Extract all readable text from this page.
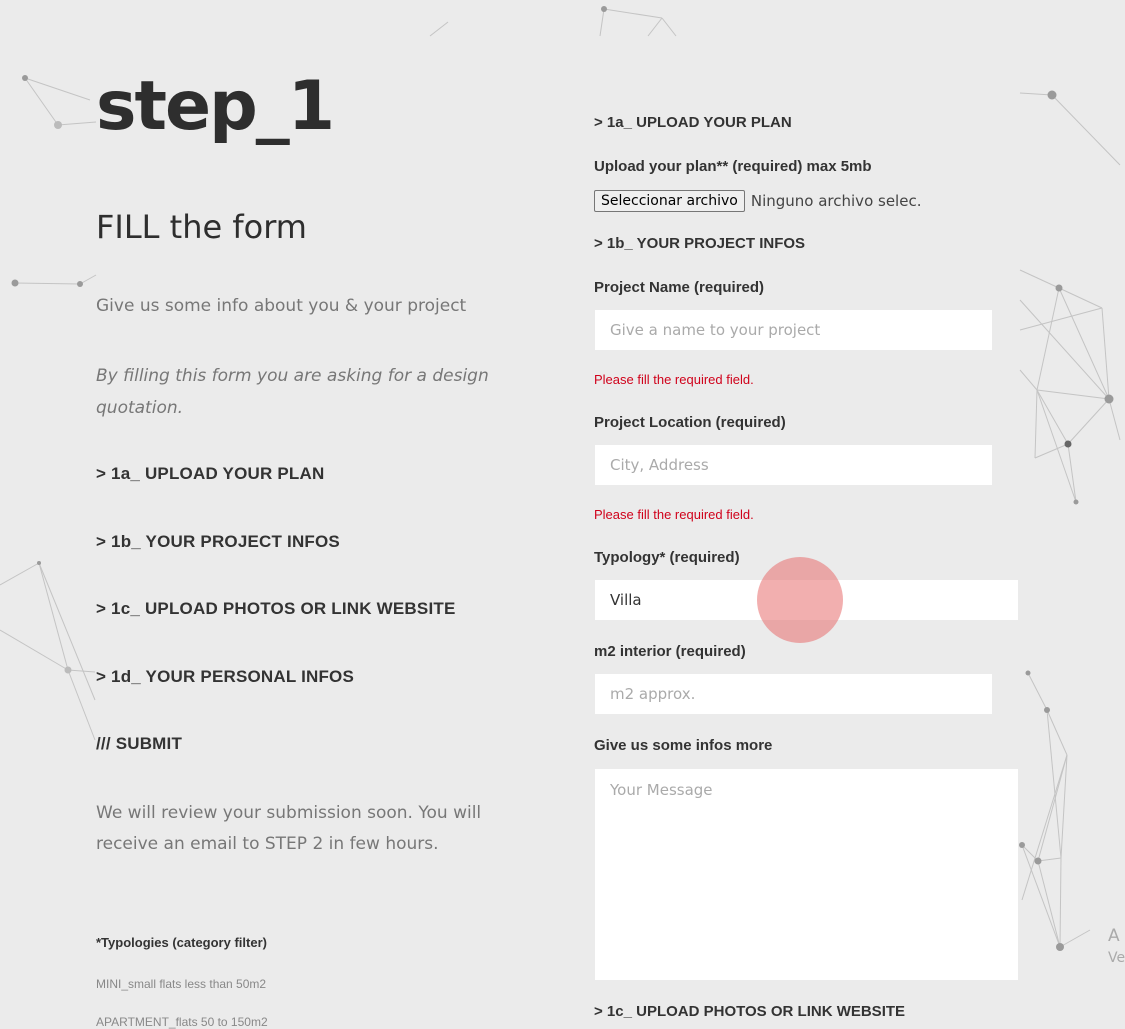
step_1
FILL the form
Give us some info about you & your project
By filling this form you are asking for a design quotation.
> 1a_ UPLOAD YOUR PLAN
> 1b_ YOUR PROJECT INFOS
> 1c_ UPLOAD PHOTOS OR LINK WEBSITE
> 1d_ YOUR PERSONAL INFOS
/// SUBMIT
We will review your submission soon. You will receive an email to STEP 2 in few hours.
*Typologies (category filter)
MINI_small flats less than 50m2
APARTMENT_flats 50 to 150m2
> 1a_ UPLOAD YOUR PLAN
Upload your plan** (required) max 5mb
Seleccionar archivo Ninguno archivo selec.
> 1b_ YOUR PROJECT INFOS
Project Name (required)
Give a name to your project
Please fill the required field.
Project Location (required)
City, Address
Please fill the required field.
Typology* (required)
Villa
m2 interior (required)
m2 approx.
Give us some infos more
Your Message
> 1c_ UPLOAD PHOTOS OR LINK WEBSITE
A
Ve
